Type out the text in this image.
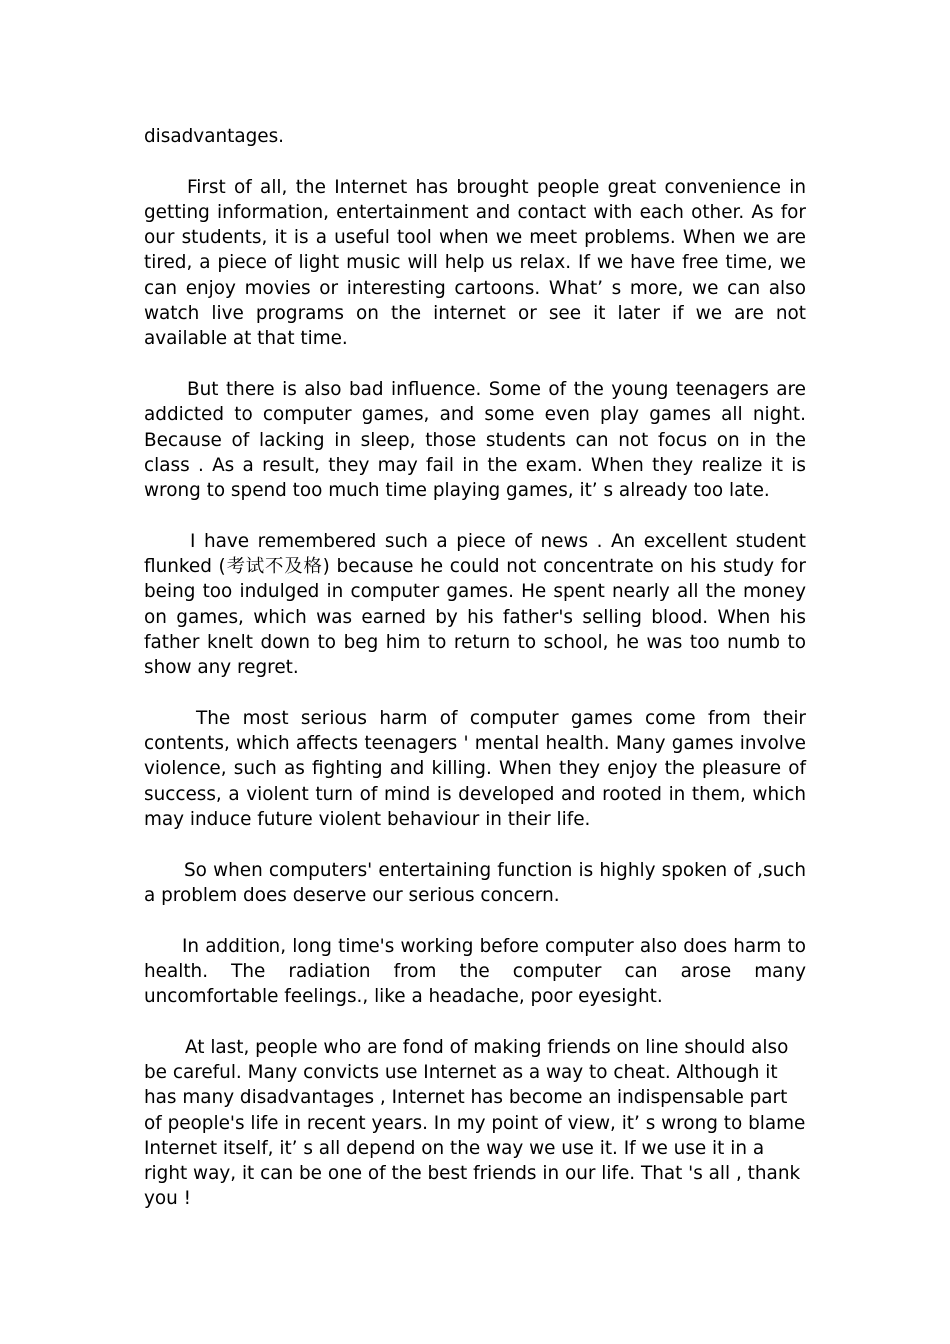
disadvantages.

First of all, the Internet has brought people great convenience in getting information, entertainment and contact with each other. As for our students, it is a useful tool when we meet problems. When we are tired, a piece of light music will help us relax. If we have free time, we can enjoy movies or interesting cartoons. What’ s more, we can also watch live programs on the internet or see it later if we are not available at that time.

But there is also bad influence. Some of the young teenagers are addicted to computer games, and some even play games all night. Because of lacking in sleep, those students can not focus on in the class . As a result, they may fail in the exam. When they realize it is wrong to spend too much time playing games, it’ s already too late.

I have remembered such a piece of news . An excellent student flunked (考试不及格) because he could not concentrate on his study for being too indulged in computer games. He spent nearly all the money on games, which was earned by his father's selling blood. When his father knelt down to beg him to return to school, he was too numb to show any regret.

The most serious harm of computer games come from their contents, which affects teenagers ' mental health. Many games involve violence, such as fighting and killing. When they enjoy the pleasure of success, a violent turn of mind is developed and rooted in them, which may induce future violent behaviour in their life.

So when computers' entertaining function is highly spoken of ,such a problem does deserve our serious concern.

In addition, long time's working before computer also does harm to health. The radiation from the computer can arose many uncomfortable feelings., like a headache, poor eyesight.

At last, people who are fond of making friends on line should also be careful. Many convicts use Internet as a way to cheat. Although it has many disadvantages , Internet has become an indispensable part of people's life in recent years. In my point of view, it’ s wrong to blame Internet itself, it’ s all depend on the way we use it. If we use it in a right way, it can be one of the best friends in our life. That 's all , thank you !
